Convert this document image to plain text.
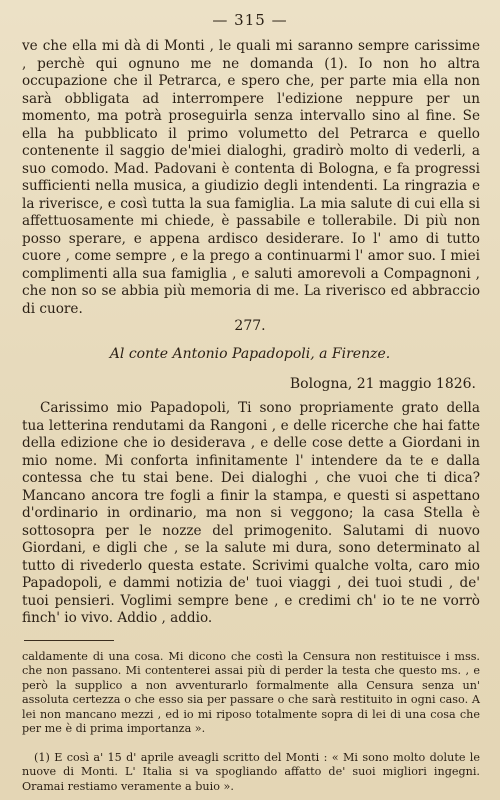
— 315 —

ve che ella mi dà di Monti , le quali mi saranno sempre carissime , perchè qui ognuno me ne domanda (1). Io non ho altra occupazione che il Petrarca, e spero che, per parte mia ella non sarà obbligata ad interrompere l'edizione neppure per un momento, ma potrà proseguirla senza intervallo sino al fine. Se ella ha pubblicato il primo volumetto del Petrarca e quello contenente il saggio de'miei dialoghi, gradirò molto di vederli, a suo comodo. Mad. Padovani è contenta di Bologna, e fa progressi sufficienti nella musica, a giudizio degli intendenti. La ringrazia e la riverisce, e così tutta la sua famiglia. La mia salute di cui ella si affettuosamente mi chiede, è passabile e tollerabile. Di più non posso sperare, e appena ardisco desiderare. Io l' amo di tutto cuore , come sempre , e la prego a continuarmi l' amor suo. I miei complimenti alla sua famiglia , e saluti amorevoli a Compagnoni , che non so se abbia più memoria di me. La riverisco ed abbraccio di cuore.

277.
Al conte Antonio Papadopoli, a Firenze.
Bologna, 21 maggio 1826.

Carissimo mio Papadopoli, Ti sono propriamente grato della tua letterina rendutami da Rangoni , e delle ricerche che hai fatte della edizione che io desiderava , e delle cose dette a Giordani in mio nome. Mi conforta infinitamente l' intendere da te e dalla contessa che tu stai bene. Dei dialoghi , che vuoi che ti dica? Mancano ancora tre fogli a finir la stampa, e questi si aspettano d'ordinario in ordinario, ma non si veggono; la casa Stella è sottosopra per le nozze del primogenito. Salutami di nuovo Giordani, e digli che , se la salute mi dura, sono determinato al tutto di rivederlo questa estate. Scrivimi qualche volta, caro mio Papadopoli, e dammi notizia de' tuoi viaggi , dei tuoi studi , de' tuoi pensieri. Voglimi sempre bene , e credimi ch' io te ne vorrò finch' io vivo. Addio , addio.

caldamente di una cosa. Mi dicono che costì la Censura non restituisce i mss. che non passano. Mi contenterei assai più di perder la testa che questo ms. , e però la supplico a non avventurarlo formalmente alla Censura senza un' assoluta certezza o che esso sia per passare o che sarà restituito in ogni caso. A lei non mancano mezzi , ed io mi riposo totalmente sopra di lei di una cosa che per me è di prima importanza ».

(1) E così a' 15 d' aprile aveagli scritto del Monti : « Mi sono molto dolute le nuove di Monti. L' Italia si va spogliando affatto de' suoi migliori ingegni. Oramai restiamo veramente a buio ».
